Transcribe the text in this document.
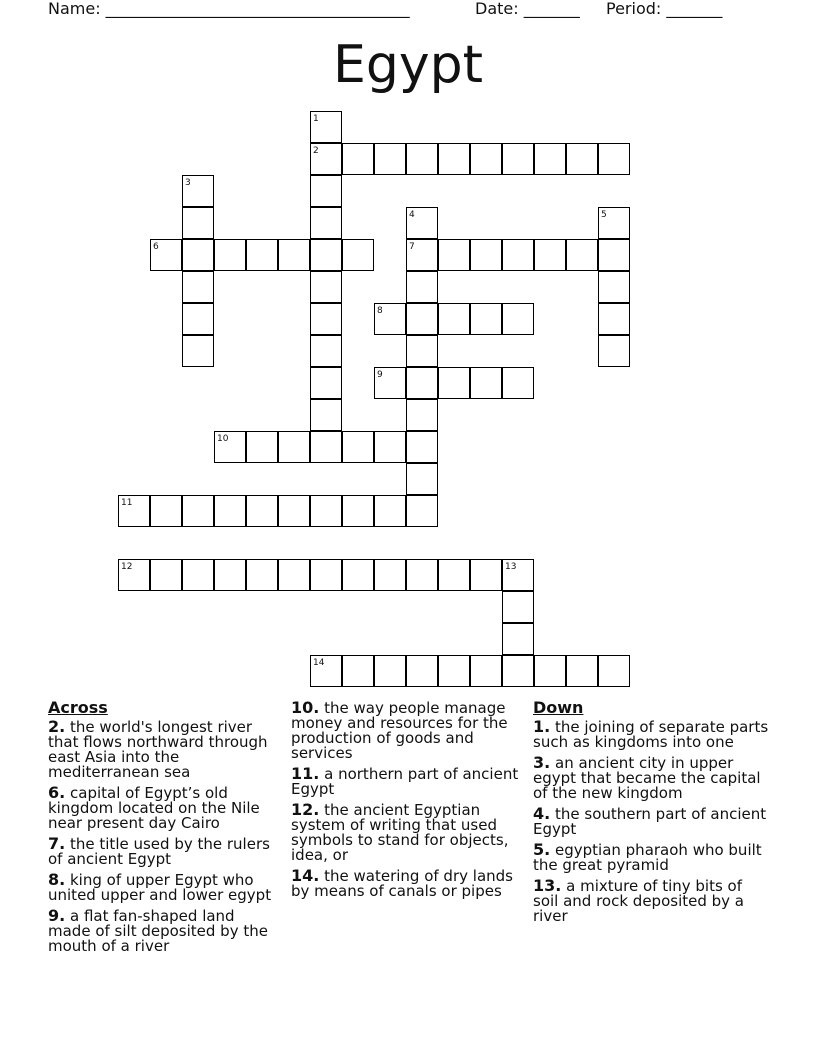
Name: ______________________________________	Date: _______ Period: _______
Egypt
2
6	7
8
9
10
11
12	13
14
1
3
4	5
Across
2. the world's longest river that flows northward through east Asia into the mediterranean sea
6. capital of Egypt’s old kingdom located on the Nile near present day Cairo
7. the title used by the rulers of ancient Egypt
8. king of upper Egypt who united upper and lower egypt
9. a flat fan-shaped land made of silt deposited by the mouth of a river
10. the way people manage money and resources for the production of goods and services
11. a northern part of ancient Egypt
12. the ancient Egyptian system of writing that used symbols to stand for objects, idea, or
14. the watering of dry lands by means of canals or pipes
Down
1. the joining of separate parts such as kingdoms into one
3. an ancient city in upper egypt that became the capital of the new kingdom
4. the southern part of ancient Egypt
5. egyptian pharaoh who built the great pyramid
13. a mixture of tiny bits of soil and rock deposited by a river
